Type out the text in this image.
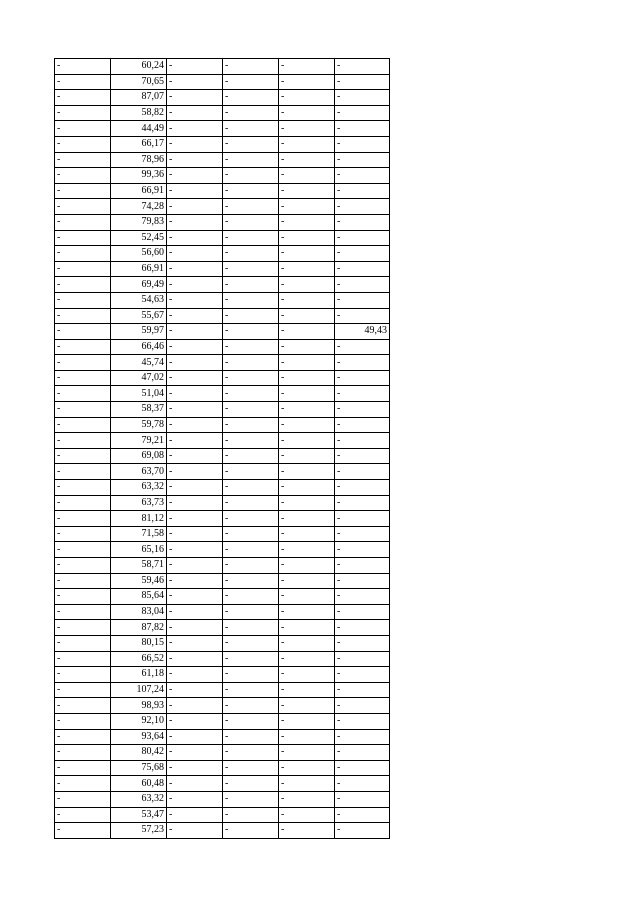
-	60,24	-	-	-	-
-	70,65	-	-	-	-
-	87,07	-	-	-	-
-	58,82	-	-	-	-
-	44,49	-	-	-	-
-	66,17	-	-	-	-
-	78,96	-	-	-	-
-	99,36	-	-	-	-
-	66,91	-	-	-	-
-	74,28	-	-	-	-
-	79,83	-	-	-	-
-	52,45	-	-	-	-
-	56,60	-	-	-	-
-	66,91	-	-	-	-
-	69,49	-	-	-	-
-	54,63	-	-	-	-
-	55,67	-	-	-	-
-	59,97	-	-	-	49,43
-	66,46	-	-	-	-
-	45,74	-	-	-	-
-	47,02	-	-	-	-
-	51,04	-	-	-	-
-	58,37	-	-	-	-
-	59,78	-	-	-	-
-	79,21	-	-	-	-
-	69,08	-	-	-	-
-	63,70	-	-	-	-
-	63,32	-	-	-	-
-	63,73	-	-	-	-
-	81,12	-	-	-	-
-	71,58	-	-	-	-
-	65,16	-	-	-	-
-	58,71	-	-	-	-
-	59,46	-	-	-	-
-	85,64	-	-	-	-
-	83,04	-	-	-	-
-	87,82	-	-	-	-
-	80,15	-	-	-	-
-	66,52	-	-	-	-
-	61,18	-	-	-	-
-	107,24	-	-	-	-
-	98,93	-	-	-	-
-	92,10	-	-	-	-
-	93,64	-	-	-	-
-	80,42	-	-	-	-
-	75,68	-	-	-	-
-	60,48	-	-	-	-
-	63,32	-	-	-	-
-	53,47	-	-	-	-
-	57,23	-	-	-	-
